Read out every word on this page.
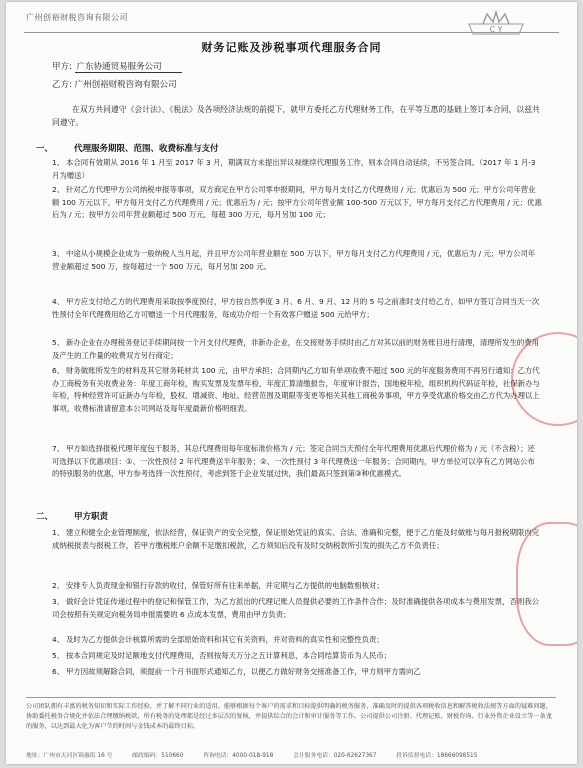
广州创裕财税咨询有限公司
C Y
财务记账及涉税事项代理服务合同
甲方: 广东协通贸易服务公司
乙方: 广州创裕财税咨询有限公司
在双方共同遵守《会计法》、《税法》及各项经济法规的前提下，就甲方委托乙方代理财务工作，在平等互惠的基础上签订本合同，以兹共同遵守。
一、 代理服务期限、范围、收费标准与支付
1、 本合同有效期从 2016 年 1 月至 2017 年 3 月，期满双方未提出异议视继续代理服务工作，则本合同自动延续，不另签合同。（2017 年 1 月-3 月为赠送）
2、 针对乙方代理甲方公司纳税申报等事项，双方商定在甲方公司零申报期间，甲方每月支付乙方代理费用 / 元；优惠后为 500 元；甲方公司年营业额 100 万元以下，甲方每月支付乙方代理费用 / 元；优惠后为 / 元；按甲方公司年营业额 100-500 万元以下，甲方每月支付乙方代理费用 / 元；优惠后为 / 元；按甲方公司年营业额超过 500 万元，每超 300 万元，每月另加 100 元；
3、 中途从小规模企业成为一般纳税人当月起，并且甲方公司年营业额在 500 万以下，甲方每月支付乙方代理费用 / 元，优惠后为 / 元；甲方公司年营业额超过 500 万，按每超过一个 500 万元，每月另加 200 元。
4、 甲方应支付给乙方的代理费用采取按季度预付，甲方按自然季度 3 月、6 月、9 月、12 月的 5 号之前准时支付给乙方，如甲方签订合同当天一次性预付全年代理费用给乙方可赠送一个月代理服务，每成功介绍一个有效客户赠送 500 元给甲方；
5、 新办企业在办理税务登记手续期间按一个月支付代理费，非新办企业，在交接财务手续时由乙方对其以前的财务账目进行清理，清理所发生的费用及产生的工作量的收费双方另行商定；
6、 财务做账所发生的材料及其它财务耗材共 100 元，由甲方承担；合同期内乙方如有单项收费不超过 500 元的年度服务费用不再另行通知：乙方代办工商税务有关收费业务：年度工商年检，购买发票及发票年检，年度汇算清缴报告，年度审计报告，国地税年检，组织机构代码证年检，社保新办与年检，特种经营许可证新办与年检，股权、增减资、地址、经营范围及期限等变更等相关其他工商税务事项，甲方享受优惠价格交由乙方代为办理以上事项，收费标准请留意本公司网站及每年度最新价格明细表。
7、 甲方如选择报税代理年度包干服务，其总代理费用每年度标准价格为 / 元；签定合同当天预付全年代理费用优惠后代理价格为 / 元（不含税）；还可选择以下优惠项目：①、一次性预付 2 年代理费送半年服务；②、一次性预付 3 年代理费送一年服务；合同期内，甲方单位可以享有乙方网站公布的特别服务的优惠，甲方参考选择一次性预付，考虑到签于企业发展过快，我们最高只签到第③种优惠模式。
二、 甲方职责
1、 建立和健全企业管理制度，依法经营，保证资产的安全完整，保证原始凭证的真实、合法、准确和完整，便于乙方能及时做账与每月报税期限内完成纳税报表与报税工作，若甲方缴税账户余额不足缴扣税款，乙方须知后没有及时交纳税款所引发的损失乙方不负责任；
2、 安排专人负责现金和银行存款的收付，保管好所有往来单据，并定期与乙方提供的电脑数相核对；
3、 做好会计凭证传递过程中的登记和保管工作，为乙方派出的代理记账人员提供必要的工作条件合作；及时准确提供各项成本与费用发票，否则我公司会按照有关规定向税务局申报需要的 6 点成本发票，费用由甲方负责；
4、 及时为乙方提供会计核算所需的全部原始资料和其它有关资料，并对资料的真实性和完整性负责；
5、 按本合同规定及时足额地支付代理费用，否则按每天万分之五计算利息，本合同结算货币为人民币；
6、 甲方因故须解除合同，须提前一个月书面形式通知乙方，以便乙方做好财务交接准备工作，甲方则甲方需向乙
公司团队拥有丰富的税务知识和实际工作经验，并了解不同行业的适用、能够根据每个客户的需求和目标提供明确的税务服务，准确及时的提供各项税收信息和解答税收法规等方面的疑难问题，协助委托税务合规化并依法合理缴纳税款，所有税务的处理都是经过多层次的复核，并提供综合的会计和审计服务等工作。公司提供公司注册、代理记账、财税咨询、行业外资企业设立等一条龙的服务，以达到最大化为客户节约时间与金钱成本的最终目标。
地址：广州市天河区锦惠街 16 号	邮政编码：510660	咨询电话：4000-018-918	会计服务电话：020-62627367	投诉监督电话：18666098515
